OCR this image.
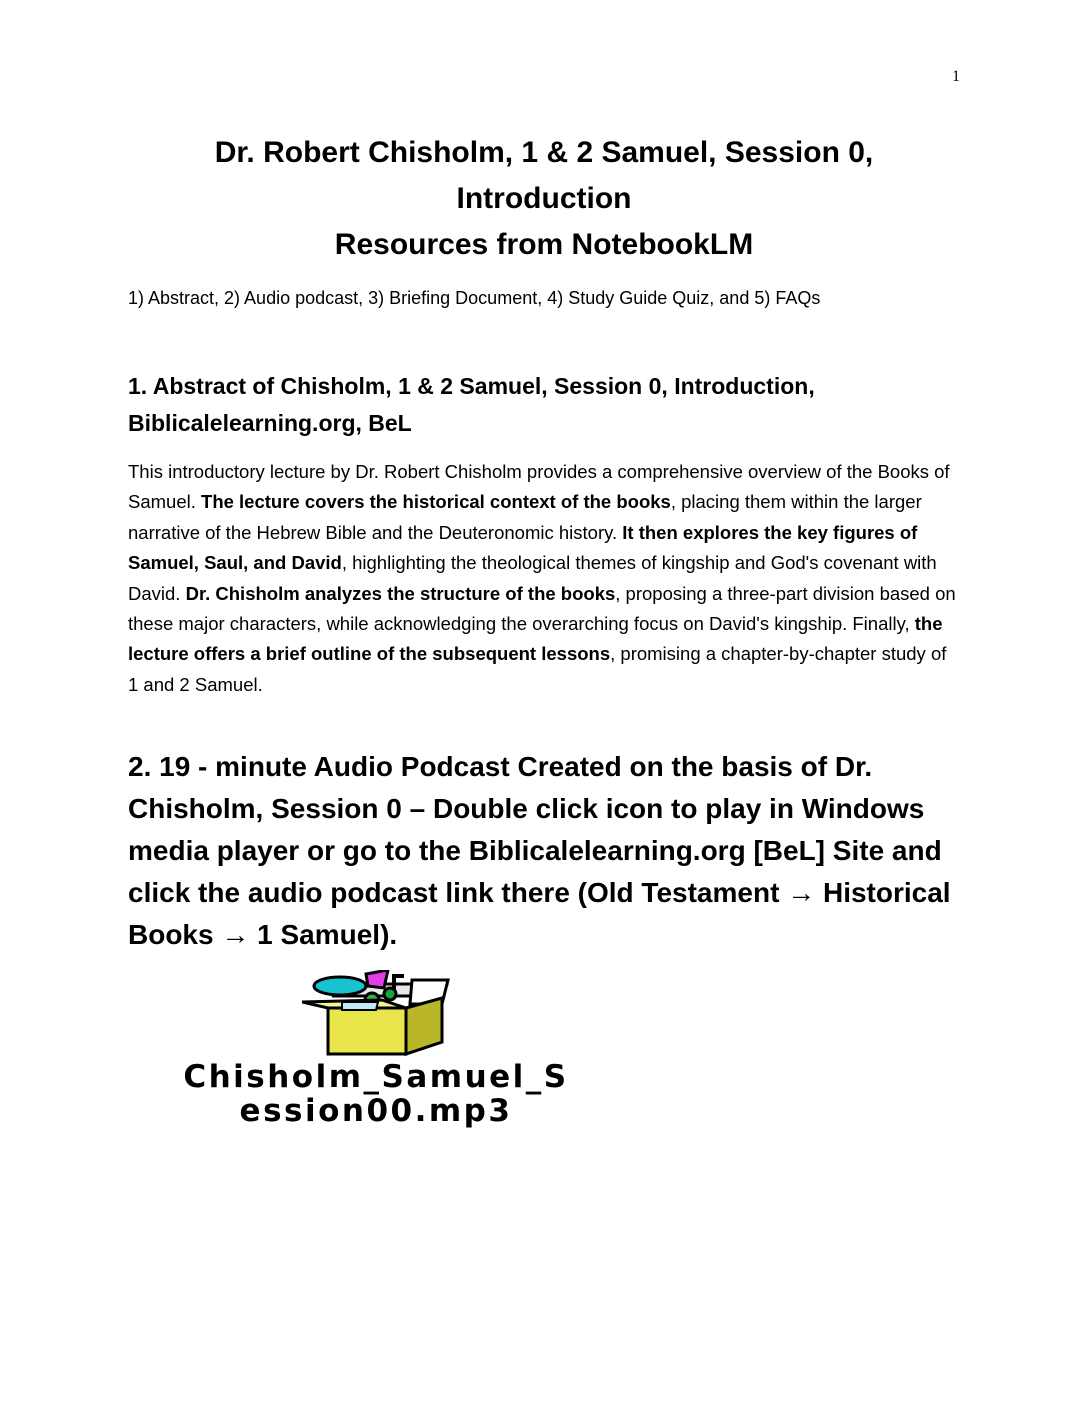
1
Dr. Robert Chisholm, 1 & 2 Samuel, Session 0,
Introduction
Resources from NotebookLM
1) Abstract, 2) Audio podcast, 3) Briefing Document, 4) Study Guide Quiz, and 5) FAQs
1. Abstract of Chisholm, 1 & 2 Samuel, Session 0, Introduction, Biblicalelearning.org, BeL
This introductory lecture by Dr. Robert Chisholm provides a comprehensive overview of the Books of Samuel. The lecture covers the historical context of the books, placing them within the larger narrative of the Hebrew Bible and the Deuteronomic history. It then explores the key figures of Samuel, Saul, and David, highlighting the theological themes of kingship and God's covenant with David. Dr. Chisholm analyzes the structure of the books, proposing a three-part division based on these major characters, while acknowledging the overarching focus on David's kingship. Finally, the lecture offers a brief outline of the subsequent lessons, promising a chapter-by-chapter study of 1 and 2 Samuel.
2. 19 - minute Audio Podcast Created on the basis of Dr. Chisholm, Session 0 – Double click icon to play in Windows media player or go to the Biblicalelearning.org [BeL] Site and click the audio podcast link there (Old Testament → Historical Books → 1 Samuel).
Chisholm_Samuel_S
ession00.mp3
